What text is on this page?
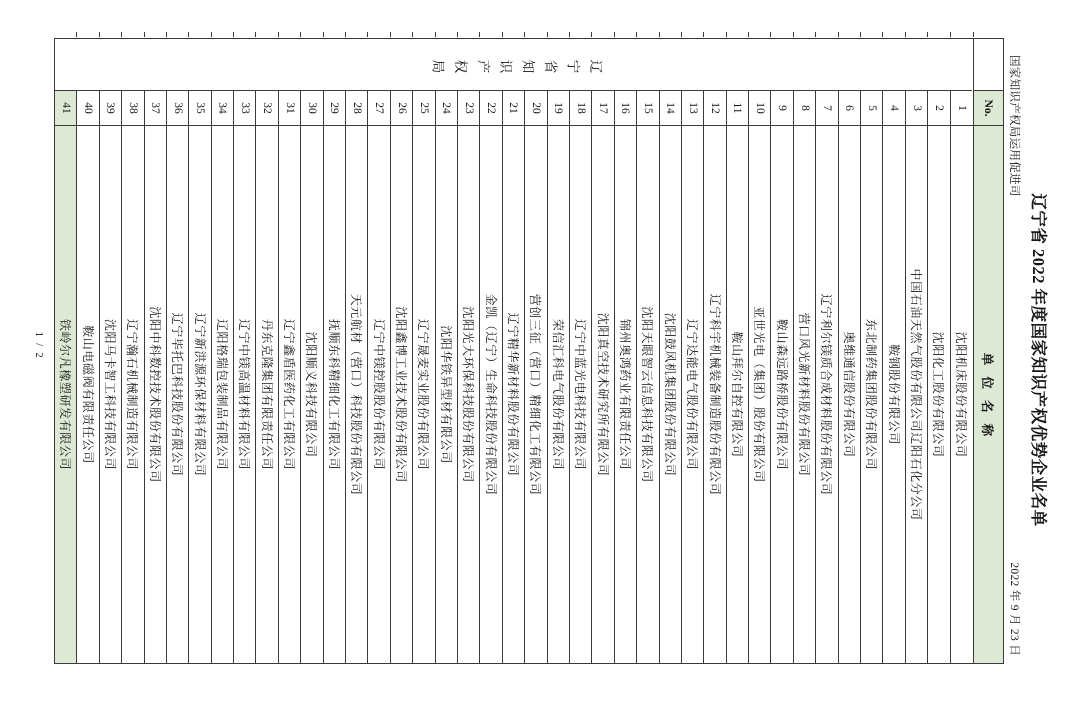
辽宁省 2022 年度国家知识产权优势企业名单
国家知识产权局运用促进司
2022 年 9 月 23 日
No.
单 位 名 称
辽宁省知识产权局
1
沈阳机床股份有限公司
2
沈阳化工股份有限公司
3
中国石油天然气股份有限公司辽阳石化分公司
4
鞍钢股份有限公司
5
东北制药集团股份有限公司
6
奥维通信股份有限公司
7
辽宁利尔镁质合成材料股份有限公司
8
营口风光新材料股份有限公司
9
鞍山森远路桥股份有限公司
10
亚世光电（集团）股份有限公司
11
鞍山拜尔自控有限公司
12
辽宁科宇机械装备制造股份有限公司
13
辽宁达能电气股份有限公司
14
沈阳鼓风机集团股份有限公司
15
沈阳天眼智云信息科技有限公司
16
锦州奥鸿药业有限责任公司
17
沈阳真空技术研究所有限公司
18
辽宁中蓝光电科技有限公司
19
荣信汇科电气股份有限公司
20
营创三征（营口）精细化工有限公司
21
辽宁精华新材料股份有限公司
22
金凯（辽宁）生命科技股份有限公司
23
沈阳光大环保科技股份有限公司
24
沈阳华铁异型材有限公司
25
辽宁晟麦实业股份有限公司
26
沈阳鑫博工业技术股份有限公司
27
辽宁中镁控股股份有限公司
28
天元航材（营口）科技股份有限公司
29
抚顺东科精细化工有限公司
30
沈阳顺义科技有限公司
31
辽宁鑫盾医药化工有限公司
32
丹东克隆集团有限责任公司
33
辽宁中镁高温材料有限公司
34
辽阳格瑞包装制品有限公司
35
辽宁新洪源环保材料有限公司
36
辽宁毕托巴科技股份有限公司
37
沈阳中科数控技术股份有限公司
38
辽宁瀚石机械制造有限公司
39
沈阳马卡智工科技有限公司
40
鞍山电磁阀有限责任公司
41
铁岭尔凡橡塑研发有限公司
1 / 2
